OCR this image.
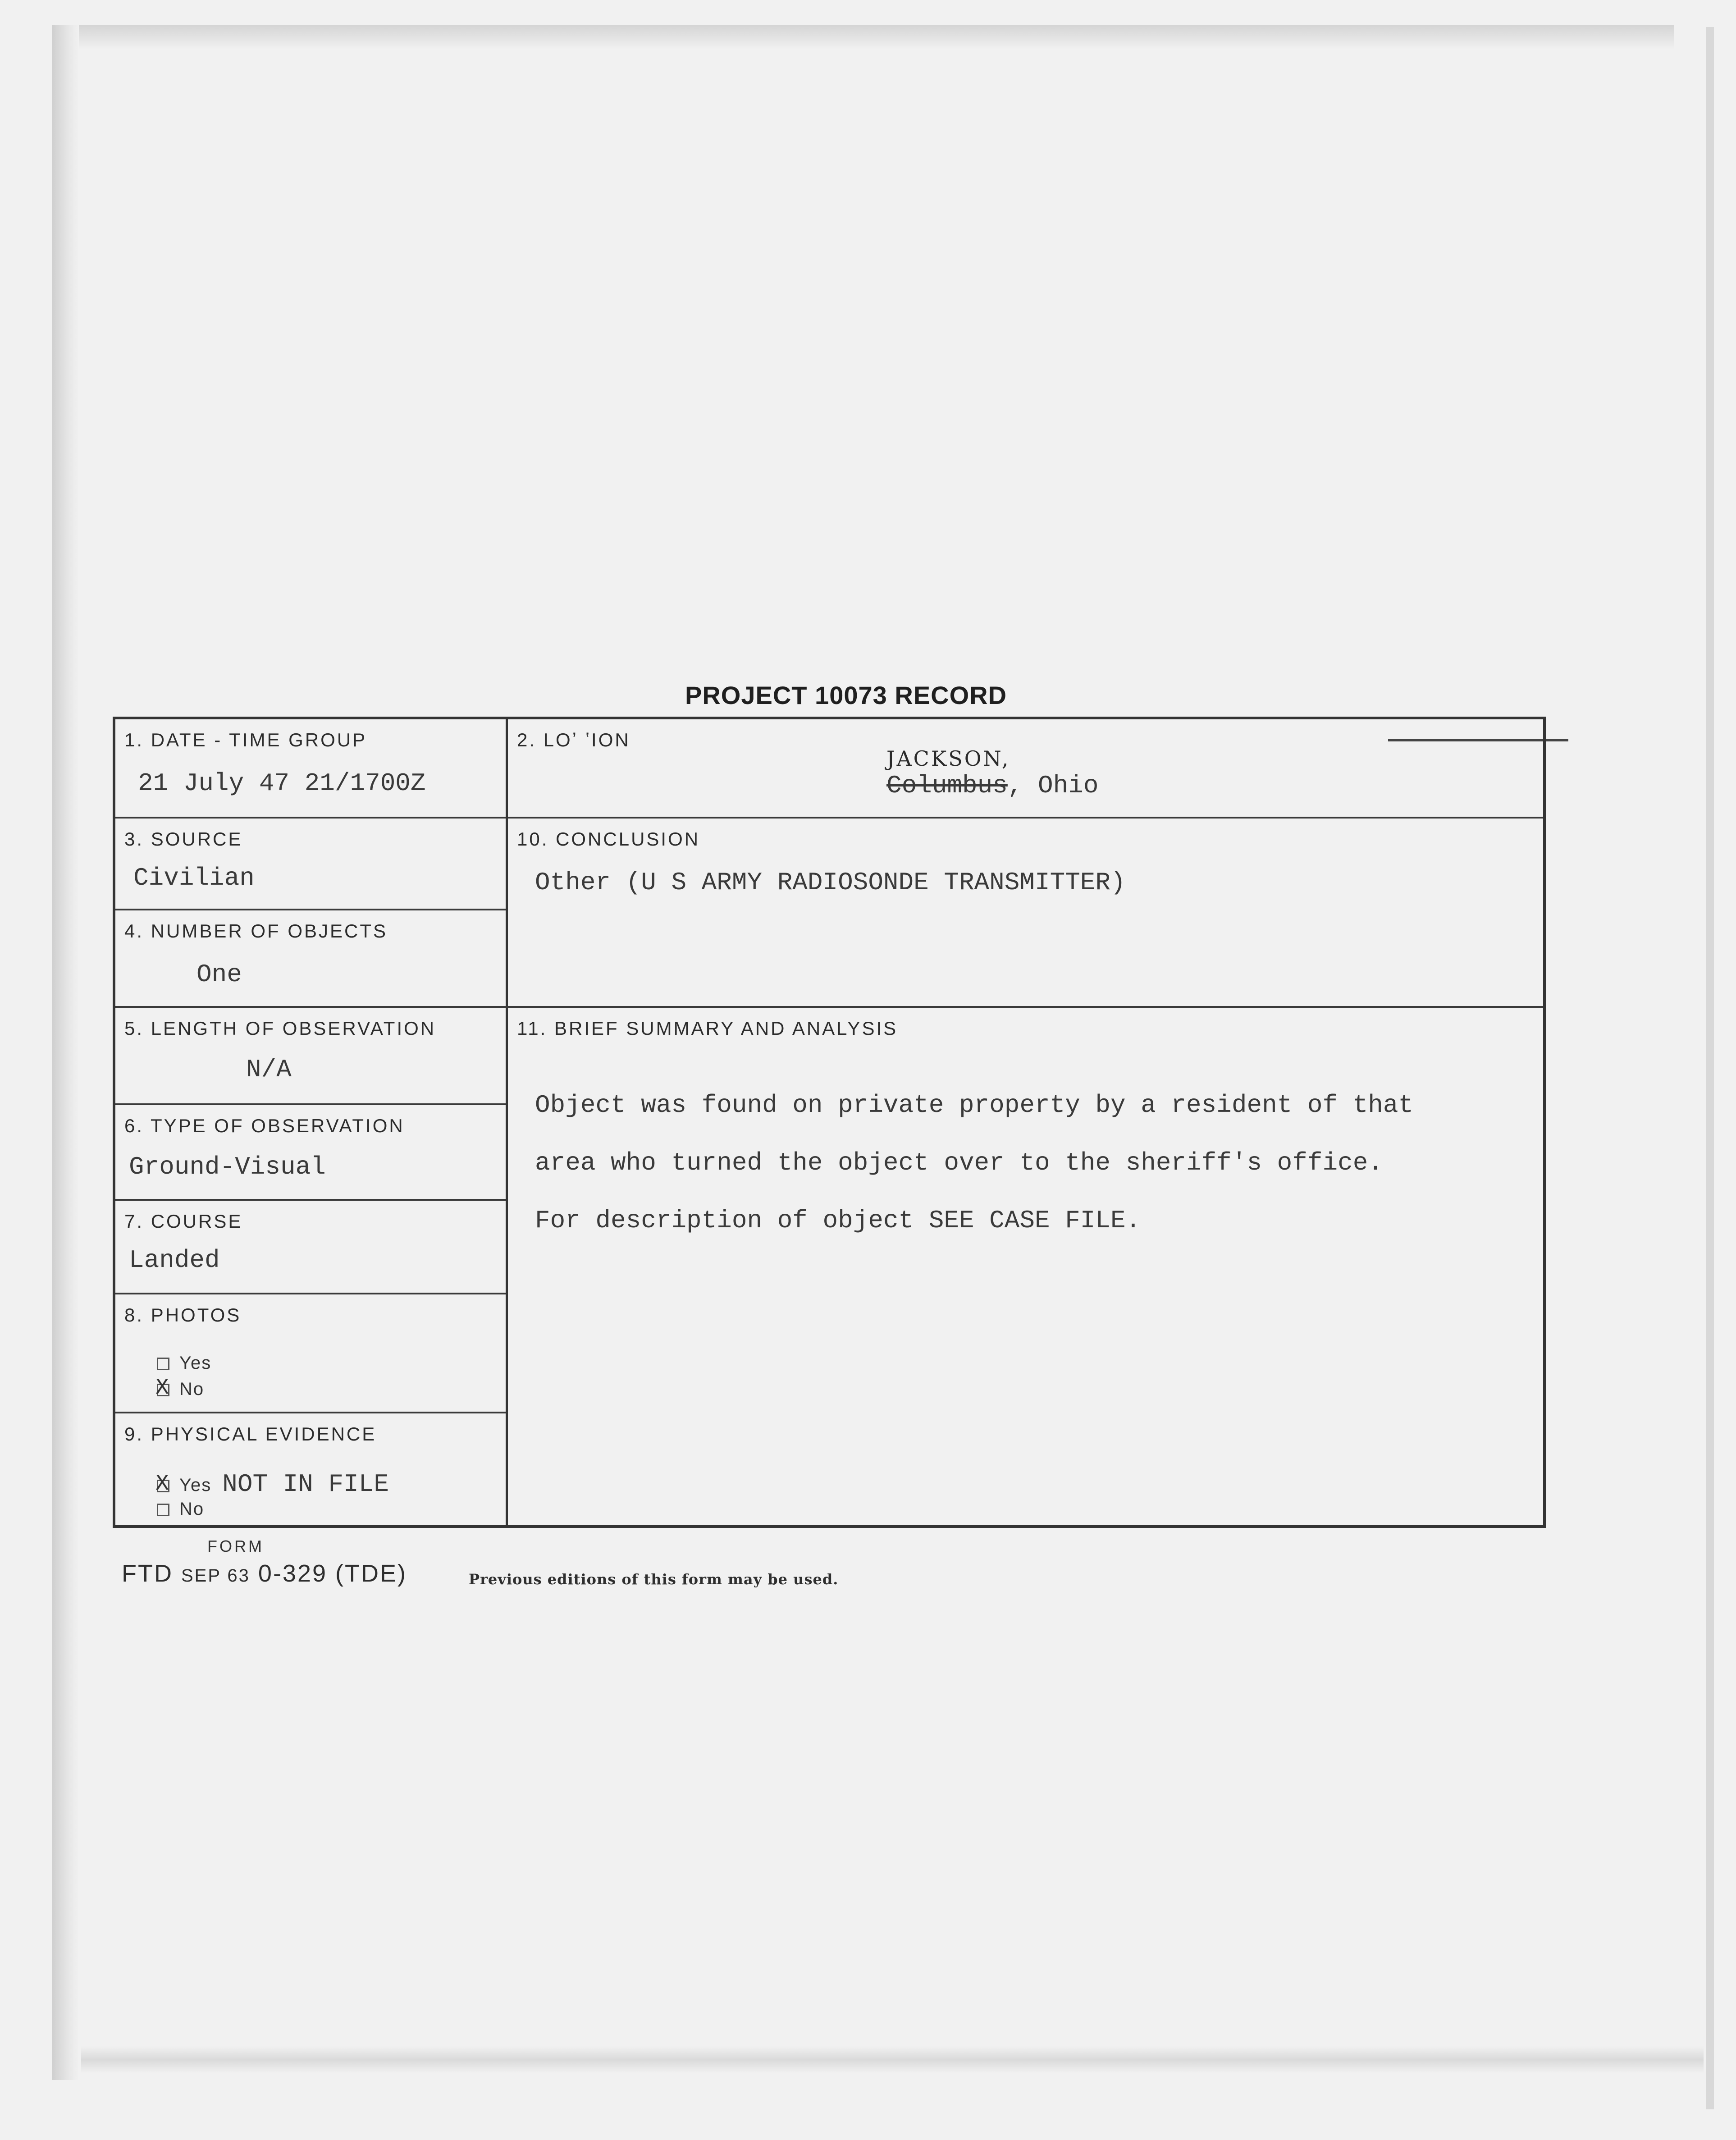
PROJECT 10073 RECORD
1. DATE - TIME GROUP
21 July 47 21/1700Z
3. SOURCE
Civilian
4. NUMBER OF OBJECTS
One
5. LENGTH OF OBSERVATION
N/A
6. TYPE OF OBSERVATION
Ground-Visual
7. COURSE
Landed
8. PHOTOS
Yes
XNo
9. PHYSICAL EVIDENCE
XYes NOT IN FILE
No
2. LOʼ ʽION
JACKSON,
Columbus, Ohio
10. CONCLUSION
Other (U S ARMY RADIOSONDE TRANSMITTER)
11. BRIEF SUMMARY AND ANALYSIS

Object was found on private property by a resident of that

area who turned the object over to the sheriff's office.

For description of object SEE CASE FILE.

FORM
FTD SEP 63 0-329 (TDE)	Previous editions of this form may be used.
